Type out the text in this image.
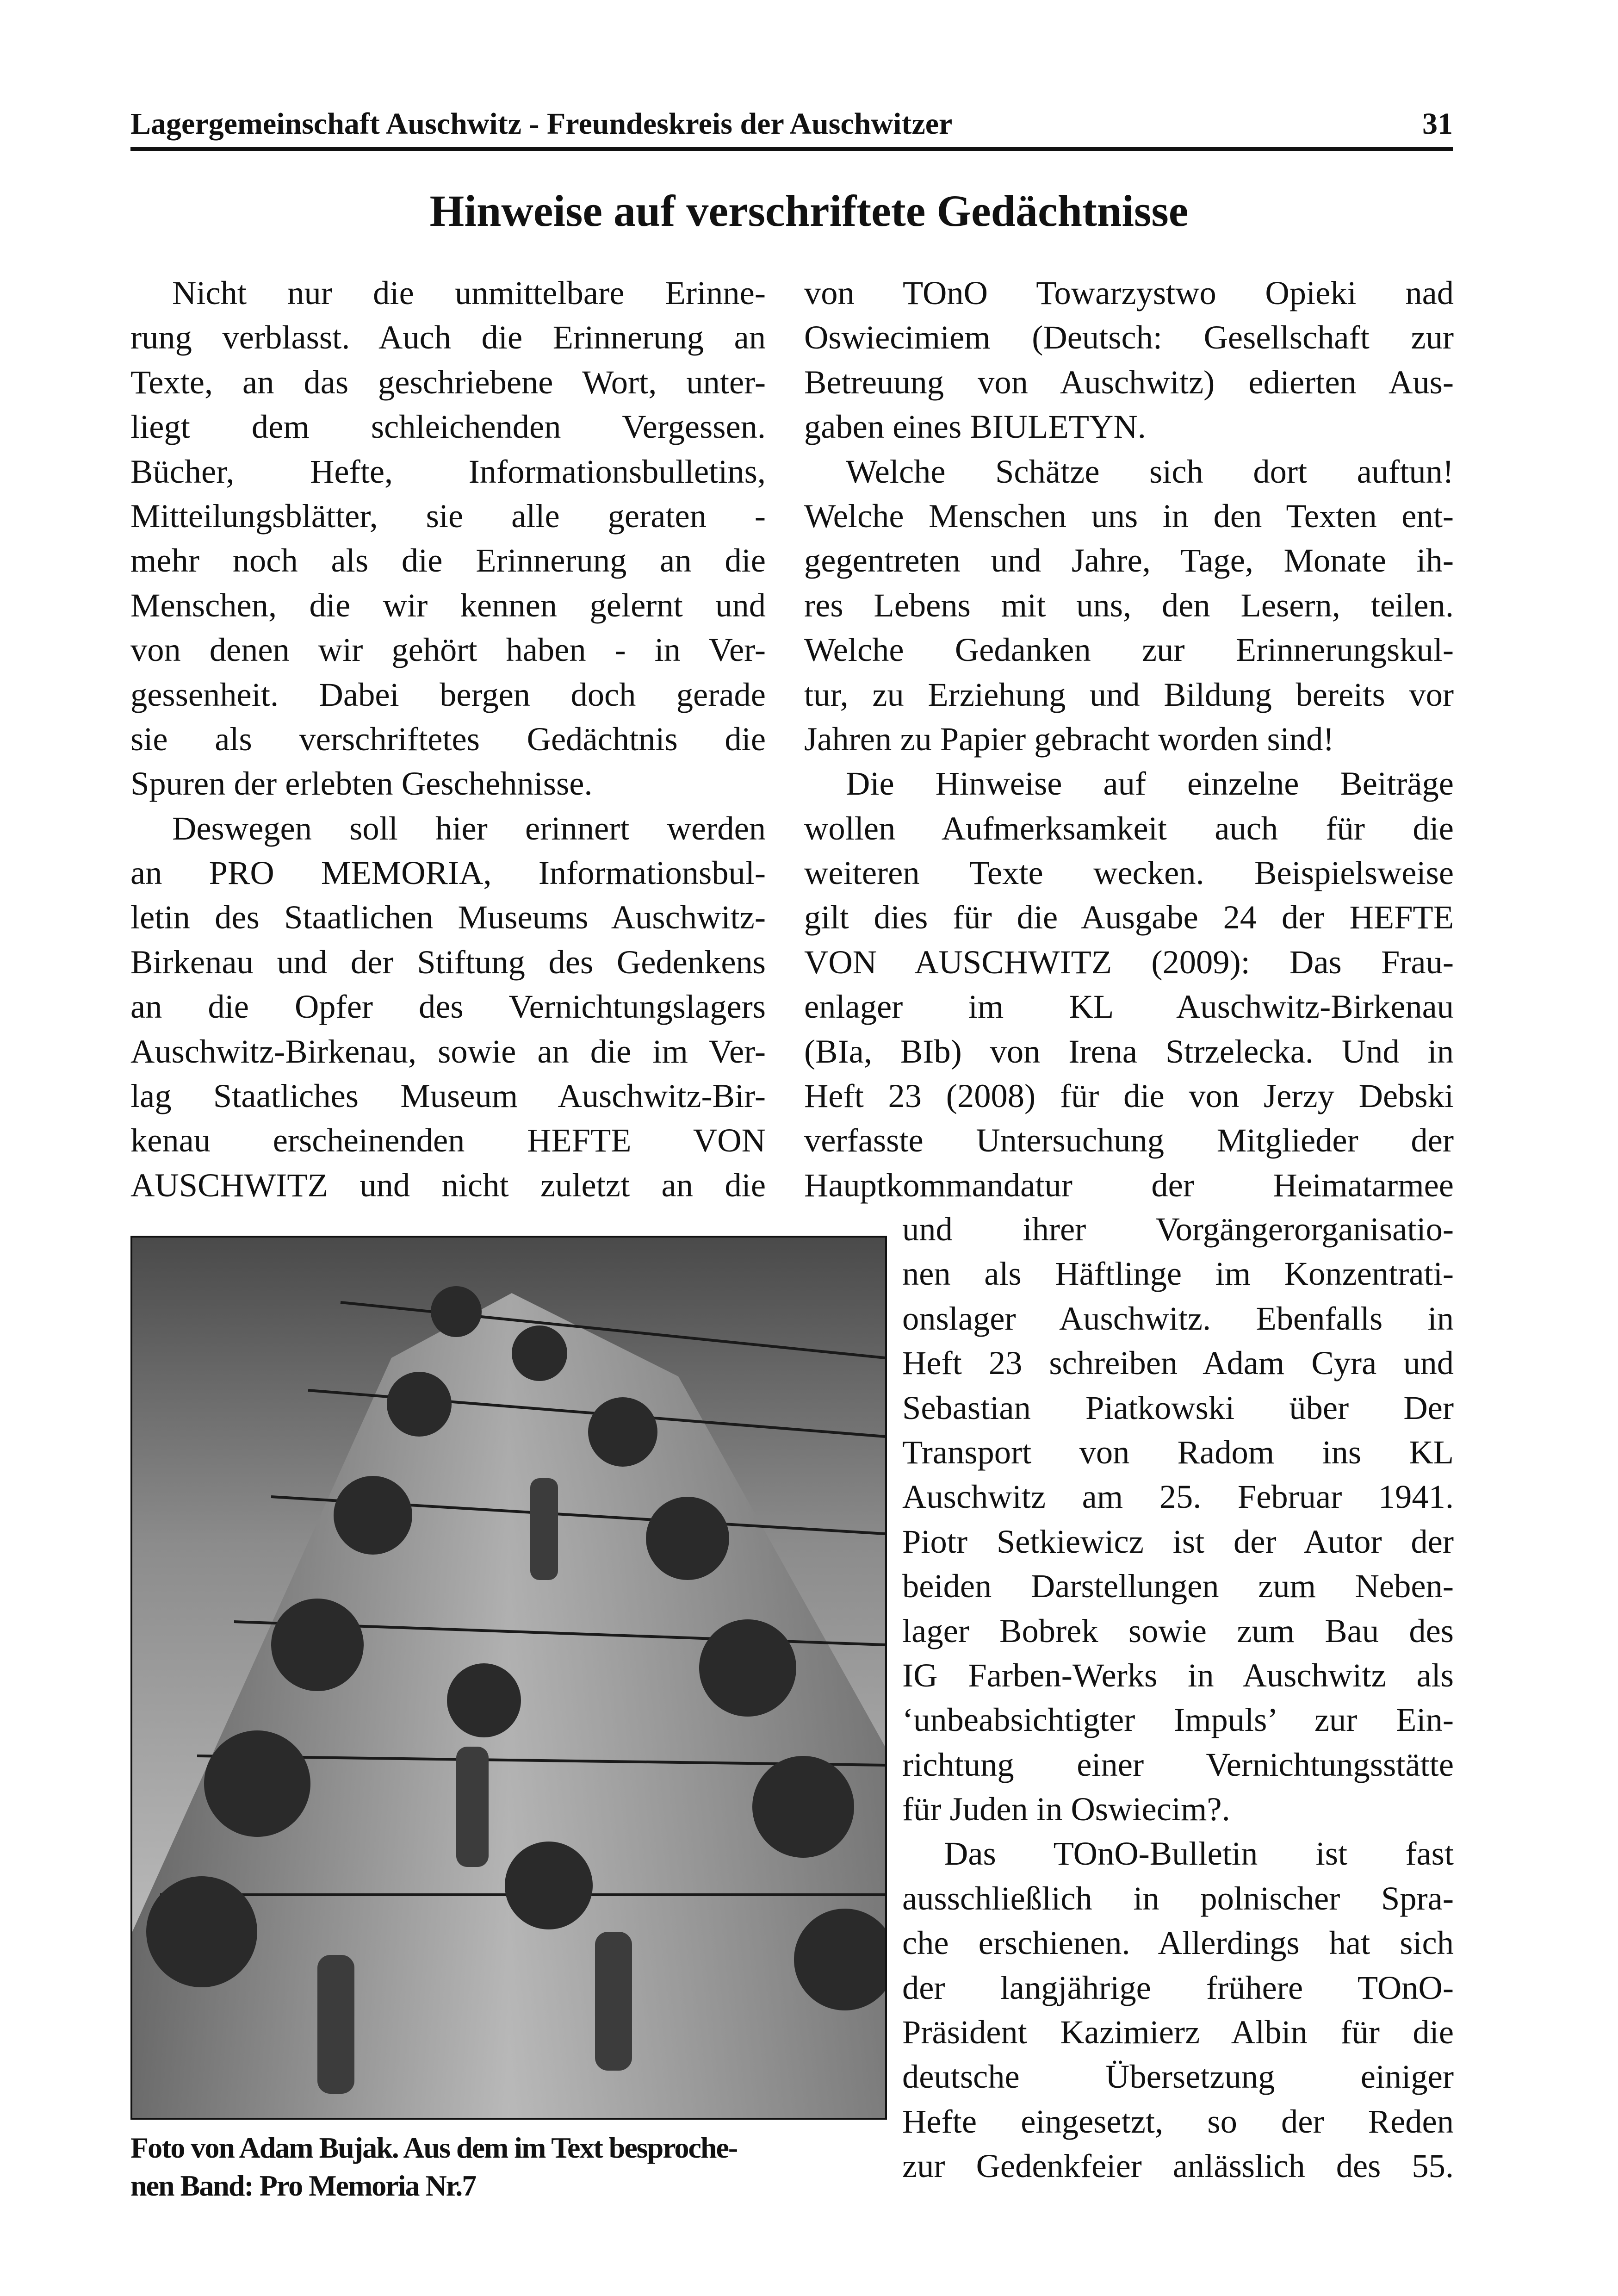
Lagergemeinschaft Auschwitz - Freundeskreis der Auschwitzer	31
Hinweise auf verschriftete Gedächtnisse
Nicht nur die unmittelbare Erinne-
rung verblasst. Auch die Erinnerung an
Texte, an das geschriebene Wort, unter-
liegt dem schleichenden Vergessen.
Bücher, Hefte, Informationsbulletins,
Mitteilungsblätter, sie alle geraten -
mehr noch als die Erinnerung an die
Menschen, die wir kennen gelernt und
von denen wir gehört haben - in Ver-
gessenheit. Dabei bergen doch gerade
sie als verschriftetes Gedächtnis die
Spuren der erlebten Geschehnisse.
Deswegen soll hier erinnert werden
an PRO MEMORIA, Informationsbul-
letin des Staatlichen Museums Auschwitz-
Birkenau und der Stiftung des Gedenkens
an die Opfer des Vernichtungslagers
Auschwitz-Birkenau, sowie an die im Ver-
lag Staatliches Museum Auschwitz-Bir-
kenau erscheinenden HEFTE VON
AUSCHWITZ und nicht zuletzt an die
von TOnO Towarzystwo Opieki nad
Oswiecimiem (Deutsch: Gesellschaft zur
Betreuung von Auschwitz) edierten Aus-
gaben eines BIULETYN.
Welche Schätze sich dort auftun!
Welche Menschen uns in den Texten ent-
gegentreten und Jahre, Tage, Monate ih-
res Lebens mit uns, den Lesern, teilen.
Welche Gedanken zur Erinnerungskul-
tur, zu Erziehung und Bildung bereits vor
Jahren zu Papier gebracht worden sind!
Die Hinweise auf einzelne Beiträge
wollen Aufmerksamkeit auch für die
weiteren Texte wecken. Beispielsweise
gilt dies für die Ausgabe 24 der HEFTE
VON AUSCHWITZ (2009): Das Frau-
enlager im KL Auschwitz-Birkenau
(BIa, BIb) von Irena Strzelecka. Und in
Heft 23 (2008) für die von Jerzy Debski
verfasste Untersuchung Mitglieder der
Hauptkommandatur der Heimatarmee
und ihrer Vorgängerorganisatio-
nen als Häftlinge im Konzentrati-
onslager Auschwitz. Ebenfalls in
Heft 23 schreiben Adam Cyra und
Sebastian Piatkowski über Der
Transport von Radom ins KL
Auschwitz am 25. Februar 1941.
Piotr Setkiewicz ist der Autor der
beiden Darstellungen zum Neben-
lager Bobrek sowie zum Bau des
IG Farben-Werks in Auschwitz als
‘unbeabsichtigter Impuls’ zur Ein-
richtung einer Vernichtungsstätte
für Juden in Oswiecim?.
Das TOnO-Bulletin ist fast
ausschließlich in polnischer Spra-
che erschienen. Allerdings hat sich
der langjährige frühere TOnO-
Präsident Kazimierz Albin für die
deutsche Übersetzung einiger
Hefte eingesetzt, so der Reden
zur Gedenkfeier anlässlich des 55.
Foto von Adam Bujak. Aus dem im Text besproche-
nen Band: Pro Memoria Nr.7
